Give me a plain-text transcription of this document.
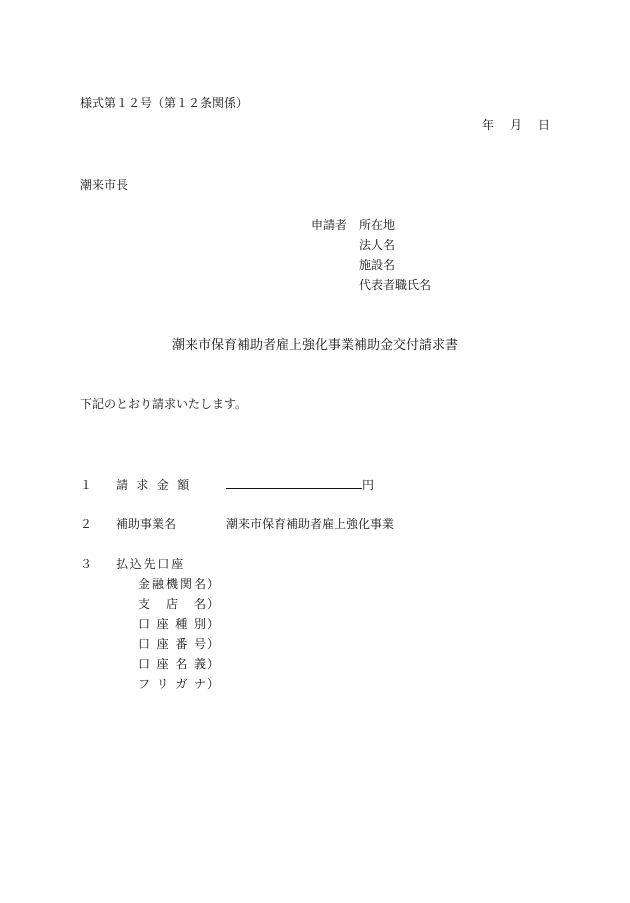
様式第１２号（第１２条関係）
年 月 日
潮来市長
申請者 所在地
法人名
施設名
代表者職氏名
潮来市保育補助者雇上強化事業補助金交付請求書
下記のとおり請求いたします。
１ 請求金額	円
２ 補助事業名	潮来市保育補助者雇上強化事業
３ 払込先口座
金 融 機 関 名 ）
支 店 名 ）
口 座 種 別 ）
口 座 番 号 ）
口 座 名 義 ）
フ リ ガ ナ ）
